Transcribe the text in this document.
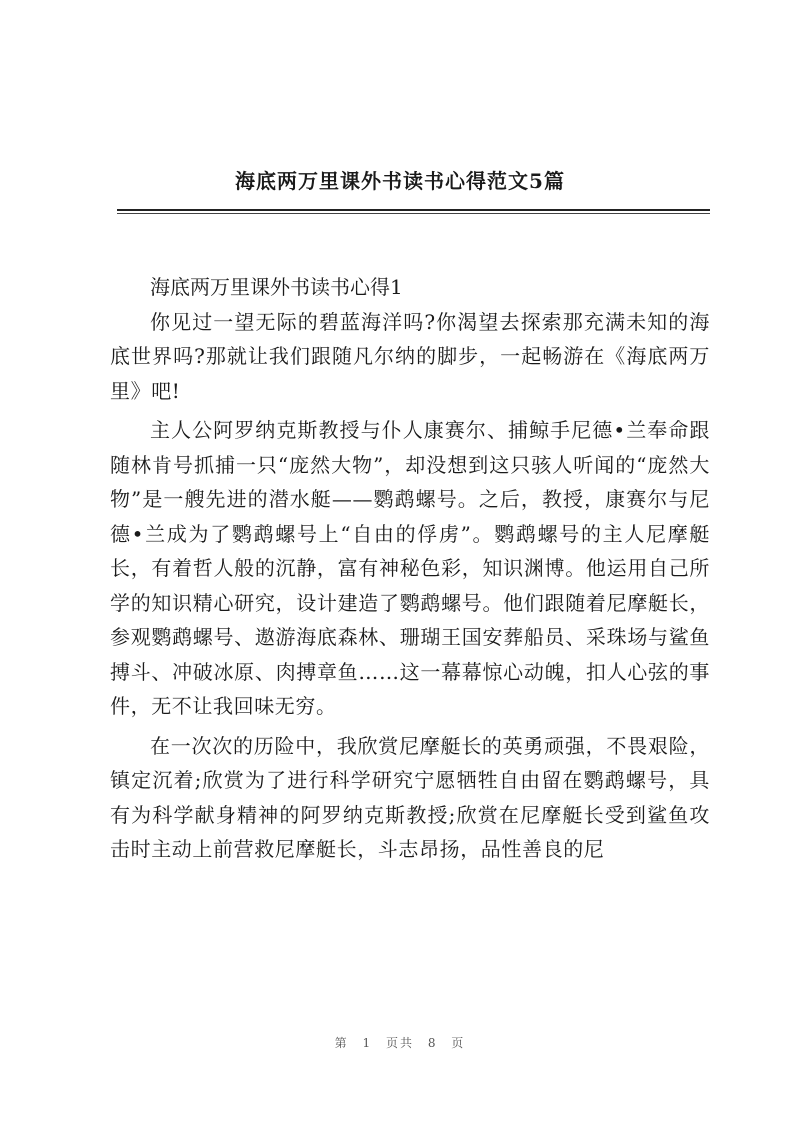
海底两万里课外书读书心得范文5篇

海底两万里课外书读书心得1

你见过一望无际的碧蓝海洋吗?你渴望去探索那充满未知的海底世界吗?那就让我们跟随凡尔纳的脚步，一起畅游在《海底两万里》吧!

主人公阿罗纳克斯教授与仆人康赛尔、捕鲸手尼德•兰奉命跟随林肯号抓捕一只“庞然大物”，却没想到这只骇人听闻的“庞然大物”是一艘先进的潜水艇——鹦鹉螺号。之后，教授，康赛尔与尼德•兰成为了鹦鹉螺号上“自由的俘虏”。鹦鹉螺号的主人尼摩艇长，有着哲人般的沉静，富有神秘色彩，知识渊博。他运用自己所学的知识精心研究，设计建造了鹦鹉螺号。他们跟随着尼摩艇长，参观鹦鹉螺号、遨游海底森林、珊瑚王国安葬船员、采珠场与鲨鱼搏斗、冲破冰原、肉搏章鱼……这一幕幕惊心动魄，扣人心弦的事件，无不让我回味无穷。

在一次次的历险中，我欣赏尼摩艇长的英勇顽强，不畏艰险，镇定沉着;欣赏为了进行科学研究宁愿牺牲自由留在鹦鹉螺号，具有为科学献身精神的阿罗纳克斯教授;欣赏在尼摩艇长受到鲨鱼攻击时主动上前营救尼摩艇长，斗志昂扬，品性善良的尼

第 1 页共 8 页
